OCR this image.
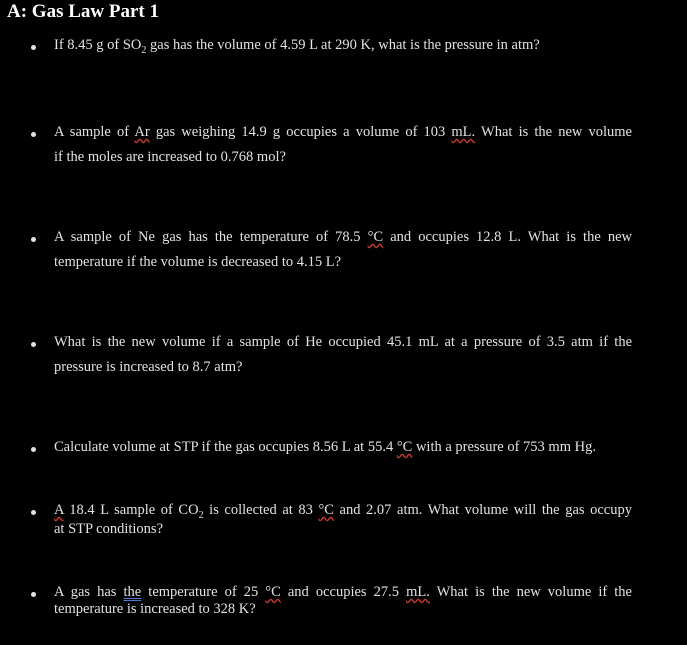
A: Gas Law Part 1
If 8.45 g of $SO_2$ gas has the volume of 4.59 L at 290 K, what is the pressure in atm?
A sample of Ar gas weighing 14.9 g occupies a volume of 103 mL. What is the new volume
if the moles are increased to 0.768 mol?
A sample of Ne gas has the temperature of 78.5 °C and occupies 12.8 L. What is the new
temperature if the volume is decreased to 4.15 L?
What is the new volume if a sample of He occupied 45.1 mL at a pressure of 3.5 atm if the
pressure is increased to 8.7 atm?
Calculate volume at STP if the gas occupies 8.56 L at 55.4 °C with a pressure of 753 mm Hg.
A 18.4 L sample of $CO_2$ is collected at 83 °C and 2.07 atm. What volume will the gas occupy
at STP conditions?
A gas has the temperature of 25 °C and occupies 27.5 mL. What is the new volume if the
temperature is increased to 328 K?
